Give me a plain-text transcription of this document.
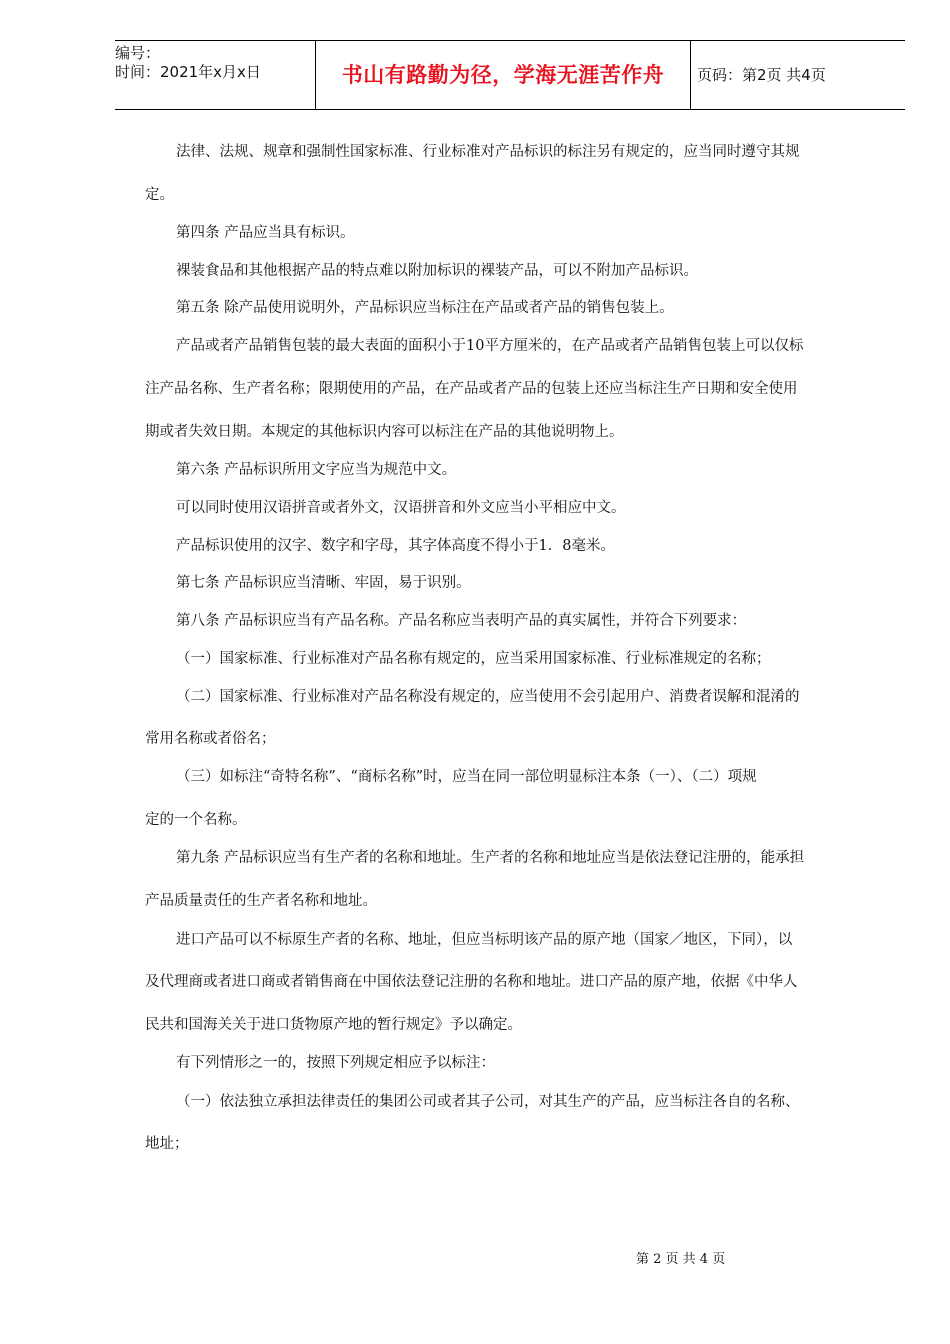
编号：
时间：2021年x月x日	书山有路勤为径，学海无涯苦作舟	页码：第2页 共4页

法律、法规、规章和强制性国家标准、行业标准对产品标识的标注另有规定的，应当同时遵守其规

定。

第四条 产品应当具有标识。

裸装食品和其他根据产品的特点难以附加标识的裸装产品，可以不附加产品标识。

第五条 除产品使用说明外，产品标识应当标注在产品或者产品的销售包装上。

产品或者产品销售包装的最大表面的面积小于10平方厘米的，在产品或者产品销售包装上可以仅标

注产品名称、生产者名称；限期使用的产品，在产品或者产品的包装上还应当标注生产日期和安全使用

期或者失效日期。本规定的其他标识内容可以标注在产品的其他说明物上。

第六条 产品标识所用文字应当为规范中文。

可以同时使用汉语拼音或者外文，汉语拼音和外文应当小平相应中文。

产品标识使用的汉字、数字和字母，其字体高度不得小于1．8毫米。

第七条 产品标识应当清晰、牢固，易于识别。

第八条 产品标识应当有产品名称。产品名称应当表明产品的真实属性，并符合下列要求：

（一）国家标准、行业标准对产品名称有规定的，应当采用国家标准、行业标准规定的名称；

（二）国家标准、行业标准对产品名称没有规定的，应当使用不会引起用户、消费者误解和混淆的

常用名称或者俗名；

（三）如标注“奇特名称”、“商标名称”时，应当在同一部位明显标注本条（一）、（二）项规

定的一个名称。

第九条 产品标识应当有生产者的名称和地址。生产者的名称和地址应当是依法登记注册的，能承担

产品质量责任的生产者名称和地址。

进口产品可以不标原生产者的名称、地址，但应当标明该产品的原产地（国家／地区，下同），以

及代理商或者进口商或者销售商在中国依法登记注册的名称和地址。进口产品的原产地，依据《中华人

民共和国海关关于进口货物原产地的暂行规定》予以确定。

有下列情形之一的，按照下列规定相应予以标注：

（一）依法独立承担法律责任的集团公司或者其子公司，对其生产的产品，应当标注各自的名称、

地址；

第 2 页 共 4 页
